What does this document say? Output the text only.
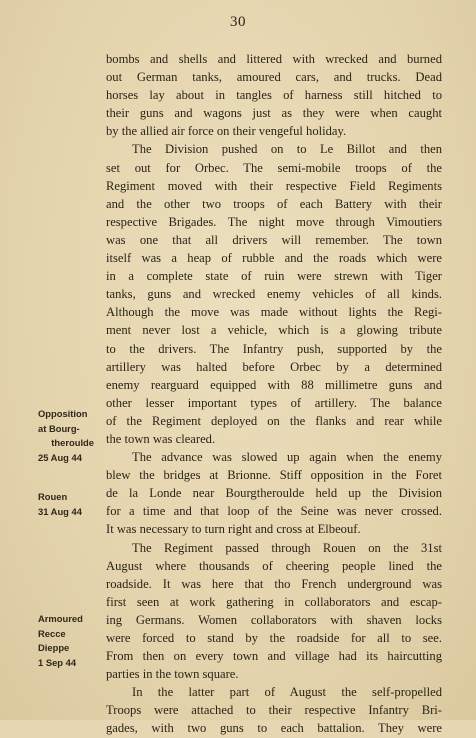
30
Opposition
at Bourg-
theroulde
25 Aug 44
Rouen
31 Aug 44
Armoured
Recce
Dieppe
1 Sep 44
bombs and shells and littered with wrecked and burned
out German tanks, amoured cars, and trucks. Dead
horses lay about in tangles of harness still hitched to
their guns and wagons just as they were when caught
by the allied air force on their vengeful holiday.
The Division pushed on to Le Billot and then
set out for Orbec. The semi-mobile troops of the
Regiment moved with their respective Field Regiments
and the other two troops of each Battery with their
respective Brigades. The night move through Vimoutiers
was one that all drivers will remember. The town
itself was a heap of rubble and the roads which were
in a complete state of ruin were strewn with Tiger
tanks, guns and wrecked enemy vehicles of all kinds.
Although the move was made without lights the Regi-
ment never lost a vehicle, which is a glowing tribute
to the drivers. The Infantry push, supported by the
artillery was halted before Orbec by a determined
enemy rearguard equipped with 88 millimetre guns and
other lesser important types of artillery. The balance
of the Regiment deployed on the flanks and rear while
the town was cleared.
The advance was slowed up again when the enemy
blew the bridges at Brionne. Stiff opposition in the Foret
de la Londe near Bourgtheroulde held up the Division
for a time and that loop of the Seine was never crossed.
It was necessary to turn right and cross at Elbeouf.
The Regiment passed through Rouen on the 31st
August where thousands of cheering people lined the
roadside. It was here that tho French underground was
first seen at work gathering in collaborators and escap-
ing Germans. Women collaborators with shaven locks
were forced to stand by the roadside for all to see.
From then on every town and village had its haircutting
parties in the town square.
In the latter part of August the self-propelled
Troops were attached to their respective Infantry Bri-
gades, with two guns to each battalion. They were
